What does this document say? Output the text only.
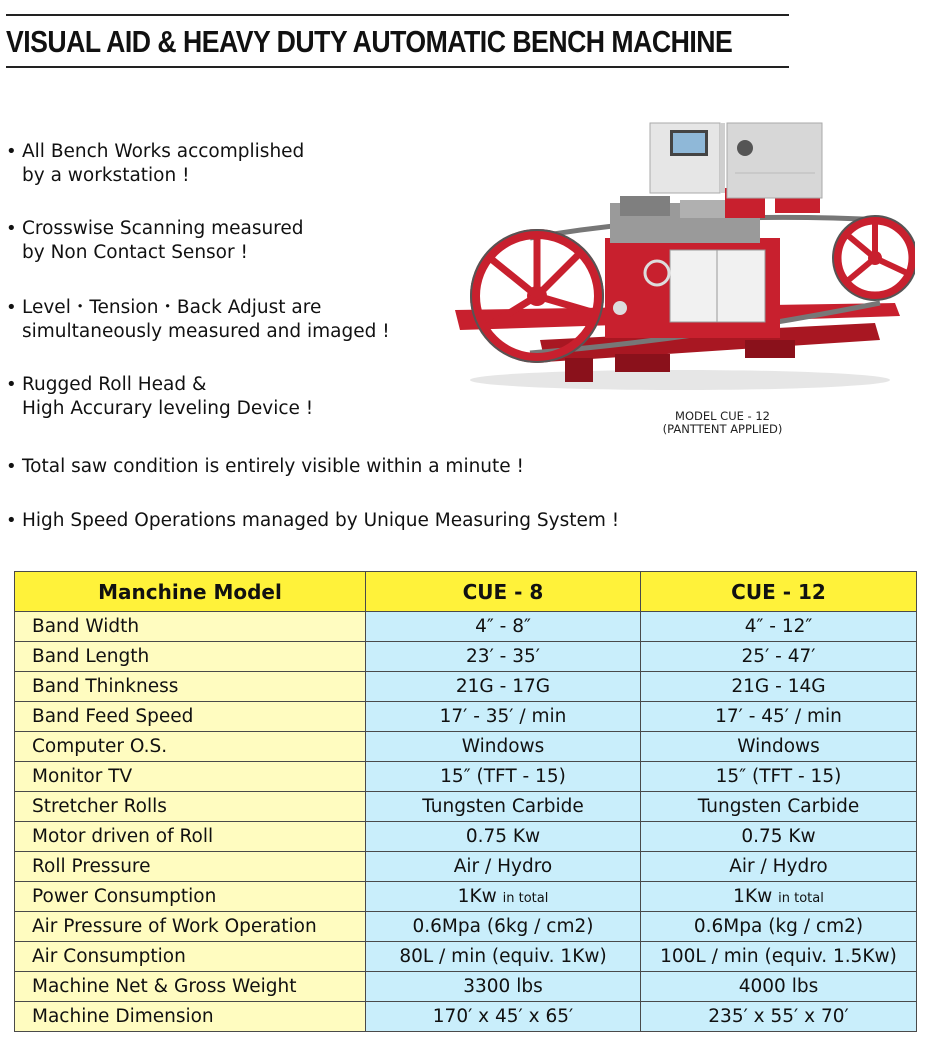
VISUAL AID & HEAVY DUTY AUTOMATIC BENCH MACHINE
• All Bench Works accomplished
by a workstation !
• Crosswise Scanning measured
by Non Contact Sensor !
• Level・Tension・Back Adjust are
simultaneously measured and imaged !
• Rugged Roll Head &
High Accurary leveling Device !
• Total saw condition is entirely visible within a minute !
• High Speed Operations managed by Unique Measuring System !
MODEL CUE - 12
(PANTTENT APPLIED)
Manchine Model	CUE - 8	CUE - 12
Band Width	4″ - 8″	4″ - 12″
Band Length	23′ - 35′	25′ - 47′
Band Thinkness	21G - 17G	21G - 14G
Band Feed Speed	17′ - 35′ / min	17′ - 45′ / min
Computer O.S.	Windows	Windows
Monitor TV	15″ (TFT - 15)	15″ (TFT - 15)
Stretcher Rolls	Tungsten Carbide	Tungsten Carbide
Motor driven of Roll	0.75 Kw	0.75 Kw
Roll Pressure	Air / Hydro	Air / Hydro
Power Consumption	1Kw in total	1Kw in total
Air Pressure of Work Operation	0.6Mpa (6kg / cm2)	0.6Mpa (kg / cm2)
Air Consumption	80L / min (equiv. 1Kw)	100L / min (equiv. 1.5Kw)
Machine Net & Gross Weight	3300 lbs	4000 lbs
Machine Dimension	170′ x 45′ x 65′	235′ x 55′ x 70′
